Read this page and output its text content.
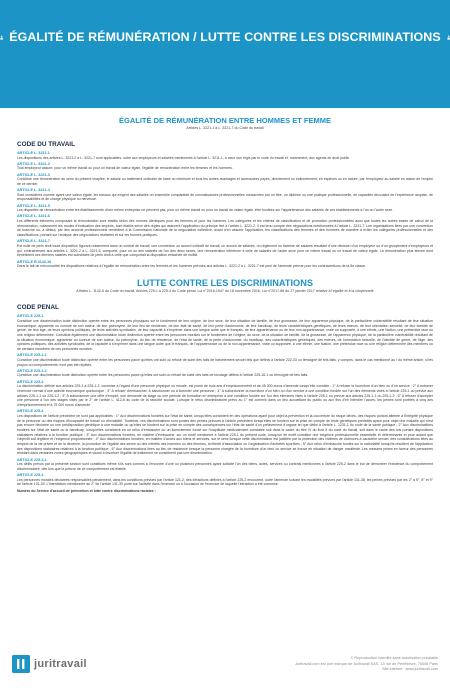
ÉGALITÉ DE RÉMUNÉRATION / LUTTE CONTRE LES DISCRIMINATIONS
ÉGALITÉ DE RÉMUNÉRATION ENTRE HOMMES ET FEMME
Articles L. 3221-1 à L. 3221-7 du Code du travail
CODE DU TRAVAIL
ARTICLE L. 3221-1
Les dispositions des articles L. 3221-2 à L. 3221-7 sont applicables, outre aux employeurs et salariés mentionnés à l'article L. 3211-1, à ceux non régis par le code du travail et, notamment, aux agents de droit public.
ARTICLE L. 3221-2
Tout employeur assure, pour un même travail ou pour un travail de valeur égale, l'égalité de rémunération entre les femmes et les hommes.
ARTICLE L. 3221-3
Constitue une rémunération au sens du présent chapitre, le salaire ou traitement ordinaire de base ou minimum et tous les autres avantages et accessoires payés, directement ou indirectement, en espèces ou en nature, par l'employeur au salarié en raison de l'emploi de ce dernier.
ARTICLE L. 3221-4
Sont considérés comme ayant une valeur égale, les travaux qui exigent des salariés un ensemble comparable de connaissances professionnelles consacrées par un titre, un diplôme ou une pratique professionnelle, de capacités découlant de l'expérience acquise, de responsabilités et de charge physique ou nerveuse.
ARTICLE L. 3221-5
Les disparités de rémunération entre les établissements d'une même entreprise ne peuvent pas, pour un même travail ou pour un travail de valeur égale, être fondées sur l'appartenance des salariés de ces établissements à l'un ou l'autre sexe.
ARTICLE L. 3221-6
Les différents éléments composant la rémunération sont établis selon des normes identiques pour les femmes et pour les hommes. Les catégories et les critères de classification et de promotion professionnelles ainsi que toutes les autres bases de calcul de la rémunération, notamment les modes d'évaluation des emplois, sont établis selon des règles qui assurent l'application du principe fixé à l'article L. 3221-2. Il est tenu compte des négociations mentionnées à l'article L. 2241-7. Les organisations liées par une convention de branche ou, à défaut, par des accords professionnels remédient à la Commission nationale de la négociation collective, avant d'en assurer l'application, les classifications des femmes et des hommes de manière à éviter les catégories professionnelles et des classifications, portant sur l'analyse des négociations réalisées et sur les bonnes pratiques.
ARTICLE L. 3221-7
Est nulle de plein droit toute disposition figurant notamment dans un contrat de travail, une convention ou accord collectif de travail, un accord de salaires, un règlement ou barème de salaires résultant d'une décision d'un employeur ou d'un groupement d'employeurs et qui, contrairement aux articles L. 3221-2 à L. 3221-6, comporte, pour un ou des salariés de l'un des deux sexes, une rémunération inférieure à celle de salariés de l'autre sexe pour un même travail ou un travail de valeur égale. La rémunération plus élevée dont bénéficient ces derniers salariés est substituée de plein droit à celle que comportait la disposition entachée de nullité.
ARTICLE R.3142-16
Dans le fait de méconnaître les dispositions relatives à l'égalité de rémunération entre les femmes et les hommes prévues aux articles L. 3221-2 à L. 3221-7 est puni de l'amende prévue pour les contraventions de la 5e classe.
LUTTE CONTRE LES DISCRIMINATIONS
Articles L. 1142-6 du Code du travail, Articles 225-1 à 225-4 du Code pénal, Loi n°2016-1547 du 18 novembre 2016, Loi n°2017-86 du 27 janvier 2017 relative à l'égalité et à la citoyenneté
CODE PENAL
ARTICLE 225-1
Constitue une discrimination toute distinction opérée entre les personnes physiques sur le fondement de leur origine, de leur sexe, de leur situation de famille, de leur grossesse, de leur apparence physique, de la particulière vulnérabilité résultant de leur situation économique, apparente ou connue de son auteur, de leur patronyme, de leur lieu de résidence, de leur état de santé, de leur perte d'autonomie, de leur handicap, de leurs caractéristiques génétiques, de leurs mœurs, de leur orientation sexuelle, de leur identité de genre, de leur âge, de leurs opinions politiques, de leurs activités syndicales, de leur capacité à s'exprimer dans une langue autre que le français, de leur appartenance ou de leur non-appartenance, vraie ou supposée, à une ethnie, une Nation, une prétendue race ou une religion déterminée. Constitue également une discrimination toute distinction opérée entre les personnes morales sur le fondement de l'origine, du sexe, de la situation de famille, de la grossesse, de l'apparence physique, de la particulière vulnérabilité résultant de la situation économique, apparente ou connue de son auteur, du patronyme, du lieu de résidence, de l'état de santé, de la perte d'autonomie, du handicap, des caractéristiques génétiques, des mœurs, de l'orientation sexuelle, de l'identité de genre, de l'âge, des opinions politiques, des activités syndicales, de la capacité à s'exprimer dans une langue autre que le français, de l'appartenance ou de la non-appartenance, vraie ou supposée, à une ethnie, une Nation, une prétendue race ou une religion déterminée des membres ou de certains membres de ces personnes morales.
ARTICLE 225-1-1
Constitue une discrimination toute distinction opérée entre les personnes parce qu'elles ont subi ou refusé de subir des faits de harcèlement sexuel tels que définis à l'article 222-33 ou témoigné de tels faits, y compris, dans le cas mentionné au I du même article, si les propos ou comportements n'ont pas été répétés.
ARTICLE 225-1-2
Constitue une discrimination toute distinction opérée entre les personnes parce qu'elles ont subi ou refusé de subir des faits de bizutage définis à l'article 225-16-1 ou témoigné de tels faits.
ARTICLE 225-2
La discrimination définie aux articles 225-1 à 225-1-2, commise à l'égard d'une personne physique ou morale, est punie de trois ans d'emprisonnement et de 45 000 euros d'amende lorsqu'elle consiste : 1° A refuser la fourniture d'un bien ou d'un service ; 2° A entraver l'exercice normal d'une activité économique quelconque ; 3° A refuser d'embaucher, à sanctionner ou à licencier une personne ; 4° A subordonner la fourniture d'un bien ou d'un service à une condition fondée sur l'un des éléments visés à l'article 225-1 ou prévue aux articles 225-1-1 ou 225-1-2 ; 5° A subordonner une offre d'emploi, une demande de stage ou une période de formation en entreprise à une condition fondée sur l'un des éléments visés à l'article 225-1 ou prévue aux articles 225-1-1 ou 225-1-2 ; 6° A refuser d'accepter une personne à l'un des stages visés par le 2° de l'article L. 412-8 du code de la sécurité sociale. Lorsque le refus discriminatoire prévu au 1° est commis dans un lieu accueillant du public ou aux fins d'en interdire l'accès, les peines sont portées à cinq ans d'emprisonnement et à 75 000 euros d'amende.
ARTICLE 225-3
Les dispositions de l'article précédent ne sont pas applicables : 1° Aux discriminations fondées sur l'état de santé, lorsqu'elles consistent en des opérations ayant pour objet la prévention et la couverture du risque décès, des risques portant atteinte à l'intégrité physique de la personne ou des risques d'incapacité de travail ou d'invalidité. Toutefois, ces discriminations sont punies des peines prévues à l'article précédent lorsqu'elles se fondent sur la prise en compte de tests génétiques prédictifs ayant pour objet une maladie qui n'est pas encore déclarée ou une prédisposition génétique à une maladie ou qu'elles se fondent sur la prise en compte des conséquences sur l'état de santé d'un prélèvement d'organe tel que défini à l'article L. 1231-1 du code de la santé publique ; 2° Aux discriminations fondées sur l'état de santé ou le handicap, lorsqu'elles consistent en un refus d'embauche ou un licenciement fondé sur l'inaptitude médicalement constatée soit dans le cadre du titre IV du livre II du code du travail, soit dans le cadre des lois portant dispositions statutaires relatives à la fonction publique ; 3° Aux discriminations fondées, en matière d'embauche, sur un motif mentionné à l'article 225-1 du présent code, lorsqu'un tel motif constitue une exigence professionnelle essentielle et déterminante et pour autant que l'objectif soit légitime et l'exigence proportionnée ; 4° Aux discriminations fondées, en matière d'accès aux biens et services, sur le sexe lorsque cette discrimination est justifiée par la protection des victimes de violences à caractère sexuel, des considérations liées au respect de la vie privée et de la décence, la promotion de l'égalité des sexes ou des intérêts des hommes ou des femmes, la liberté d'association ou l'organisation d'activités sportives ; 5° Aux refus d'embauche fondés sur la nationalité lorsqu'ils résultent de l'application des dispositions statutaires relatives à la fonction publique ; 6° Aux discriminations liées au lieu de résidence lorsque la personne chargée de la fourniture d'un bien ou service se trouve en situation de danger manifeste. Les mesures prises en faveur des personnes résidant dans certaines zones géographiques et visant à favoriser l'égalité de traitement ne constituent pas une discrimination.
ARTICLE 225-3-1
Les délits prévus par la présente section sont constitués même s'ils sont commis à l'encontre d'une ou plusieurs personnes ayant sollicité l'un des biens, actes, services ou contrats mentionnés à l'article 225-2 dans le but de démontrer l'existence du comportement discriminatoire, dès lors que la preuve de ce comportement est établie.
ARTICLE 225-4
Les personnes morales déclarées responsables pénalement, dans les conditions prévues par l'article 121-2, des infractions définies à l'article 225-2 encourent, outre l'amende suivant les modalités prévues par l'article 131-38, les peines prévues par les 2° à 5°, 8° et 9° de l'article 131-39. L'interdiction mentionnée au 2° de l'article 131-39 porte sur l'activité dans l'exercice ou à l'occasion de l'exercice de laquelle l'infraction a été commise.
Numéro du Service d'accueil de prévention et lutte contre discriminations raciales :
juritravail	© Reproduction interdite sans autorisation préalable
Juritravail.com est une marque de Juritravail SAS, 13 rue de Penthièvre, 75008 Paris
Site internet : www.juritravail.com
